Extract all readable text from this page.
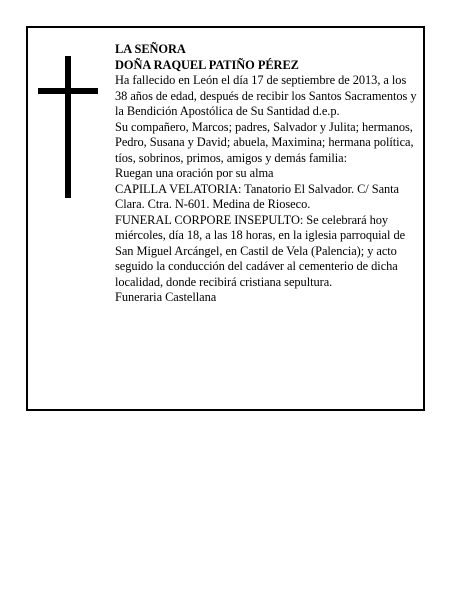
LA SEÑORA

DOÑA RAQUEL PATIÑO PÉREZ

Ha fallecido en León el día 17 de septiembre de 2013, a los 38 años de edad, después de recibir los Santos Sacramentos y la Bendición Apostólica de Su Santidad d.e.p.

Su compañero, Marcos; padres, Salvador y Julita; hermanos, Pedro, Susana y David; abuela, Maximina; hermana política, tíos, sobrinos, primos, amigos y demás familia:

Ruegan una oración por su alma

CAPILLA VELATORIA: Tanatorio El Salvador. C/ Santa Clara. Ctra. N-601. Medina de Rioseco.

FUNERAL CORPORE INSEPULTO: Se celebrará hoy miércoles, día 18, a las 18 horas, en la iglesia parroquial de San Miguel Arcángel, en Castil de Vela (Palencia); y acto seguido la conducción del cadáver al cementerio de dicha localidad, donde recibirá cristiana sepultura.

Funeraria Castellana
